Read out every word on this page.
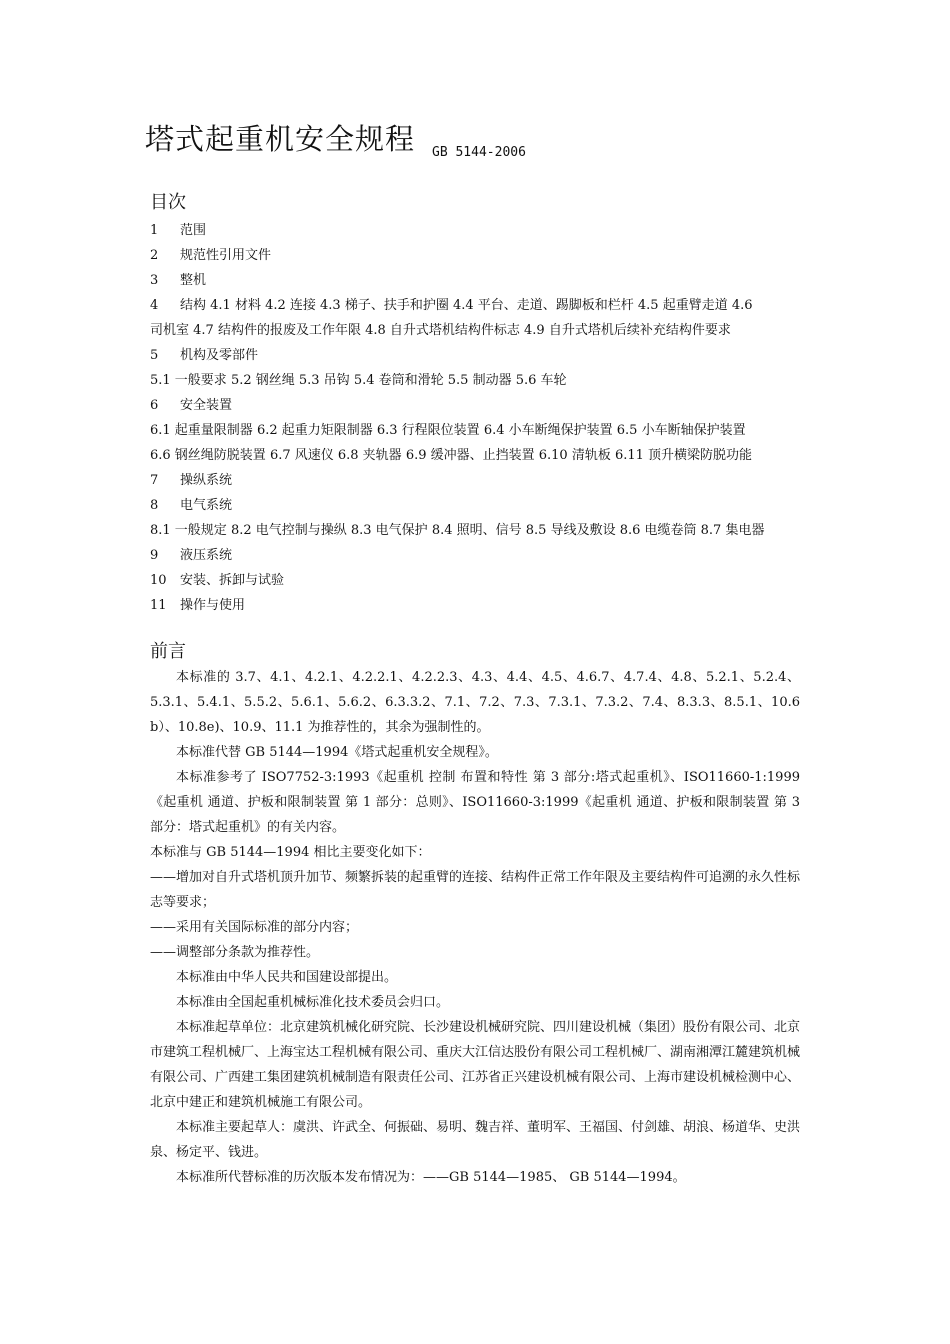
塔式起重机安全规程 GB 5144-2006
目次
1 范围
2 规范性引用文件
3 整机
4 结构 4.1 材料 4.2 连接 4.3 梯子、扶手和护圈 4.4 平台、走道、踢脚板和栏杆 4.5 起重臂走道 4.6
司机室 4.7 结构件的报废及工作年限 4.8 自升式塔机结构件标志 4.9 自升式塔机后续补充结构件要求
5 机构及零部件
5.1 一般要求 5.2 钢丝绳 5.3 吊钩 5.4 卷筒和滑轮 5.5 制动器 5.6 车轮
6 安全装置
6.1 起重量限制器 6.2 起重力矩限制器 6.3 行程限位装置 6.4 小车断绳保护装置 6.5 小车断轴保护装置
6.6 钢丝绳防脱装置 6.7 风速仪 6.8 夹轨器 6.9 缓冲器、止挡装置 6.10 清轨板 6.11 顶升横梁防脱功能
7 操纵系统
8 电气系统
8.1 一般规定 8.2 电气控制与操纵 8.3 电气保护 8.4 照明、信号 8.5 导线及敷设 8.6 电缆卷筒 8.7 集电器
9 液压系统
10 安装、拆卸与试验
11 操作与使用
前言

本标准的 3.7、4.1、4.2.1、4.2.2.1、4.2.2.3、4.3、4.4、4.5、4.6.7、4.7.4、4.8、5.2.1、5.2.4、5.3.1、5.4.1、5.5.2、5.6.1、5.6.2、6.3.3.2、7.1、7.2、7.3、7.3.1、7.3.2、7.4、8.3.3、8.5.1、10.6 b）、10.8e)、10.9、11.1 为推荐性的，其余为强制性的。

本标准代替 GB 5144—1994《塔式起重机安全规程》。

本标准参考了 ISO7752-3:1993《起重机 控制 布置和特性 第 3 部分:塔式起重机》、ISO11660-1:1999《起重机 通道、护板和限制装置 第 1 部分：总则》、ISO11660-3:1999《起重机 通道、护板和限制装置 第 3 部分：塔式起重机》的有关内容。

本标准与 GB 5144—1994 相比主要变化如下：

——增加对自升式塔机顶升加节、频繁拆装的起重臂的连接、结构件正常工作年限及主要结构件可追溯的永久性标志等要求；

——采用有关国际标准的部分内容；

——调整部分条款为推荐性。

本标准由中华人民共和国建设部提出。

本标准由全国起重机械标准化技术委员会归口。

本标准起草单位：北京建筑机械化研究院、长沙建设机械研究院、四川建设机械（集团）股份有限公司、北京市建筑工程机械厂、上海宝达工程机械有限公司、重庆大江信达股份有限公司工程机械厂、湖南湘潭江麓建筑机械有限公司、广西建工集团建筑机械制造有限责任公司、江苏省正兴建设机械有限公司、上海市建设机械检测中心、北京中建正和建筑机械施工有限公司。

本标准主要起草人：虞洪、许武全、何振础、易明、魏吉祥、董明军、王福国、付剑雄、胡浪、杨道华、史洪泉、杨定平、钱进。

本标准所代替标准的历次版本发布情况为：——GB 5144—1985、 GB 5144—1994。
